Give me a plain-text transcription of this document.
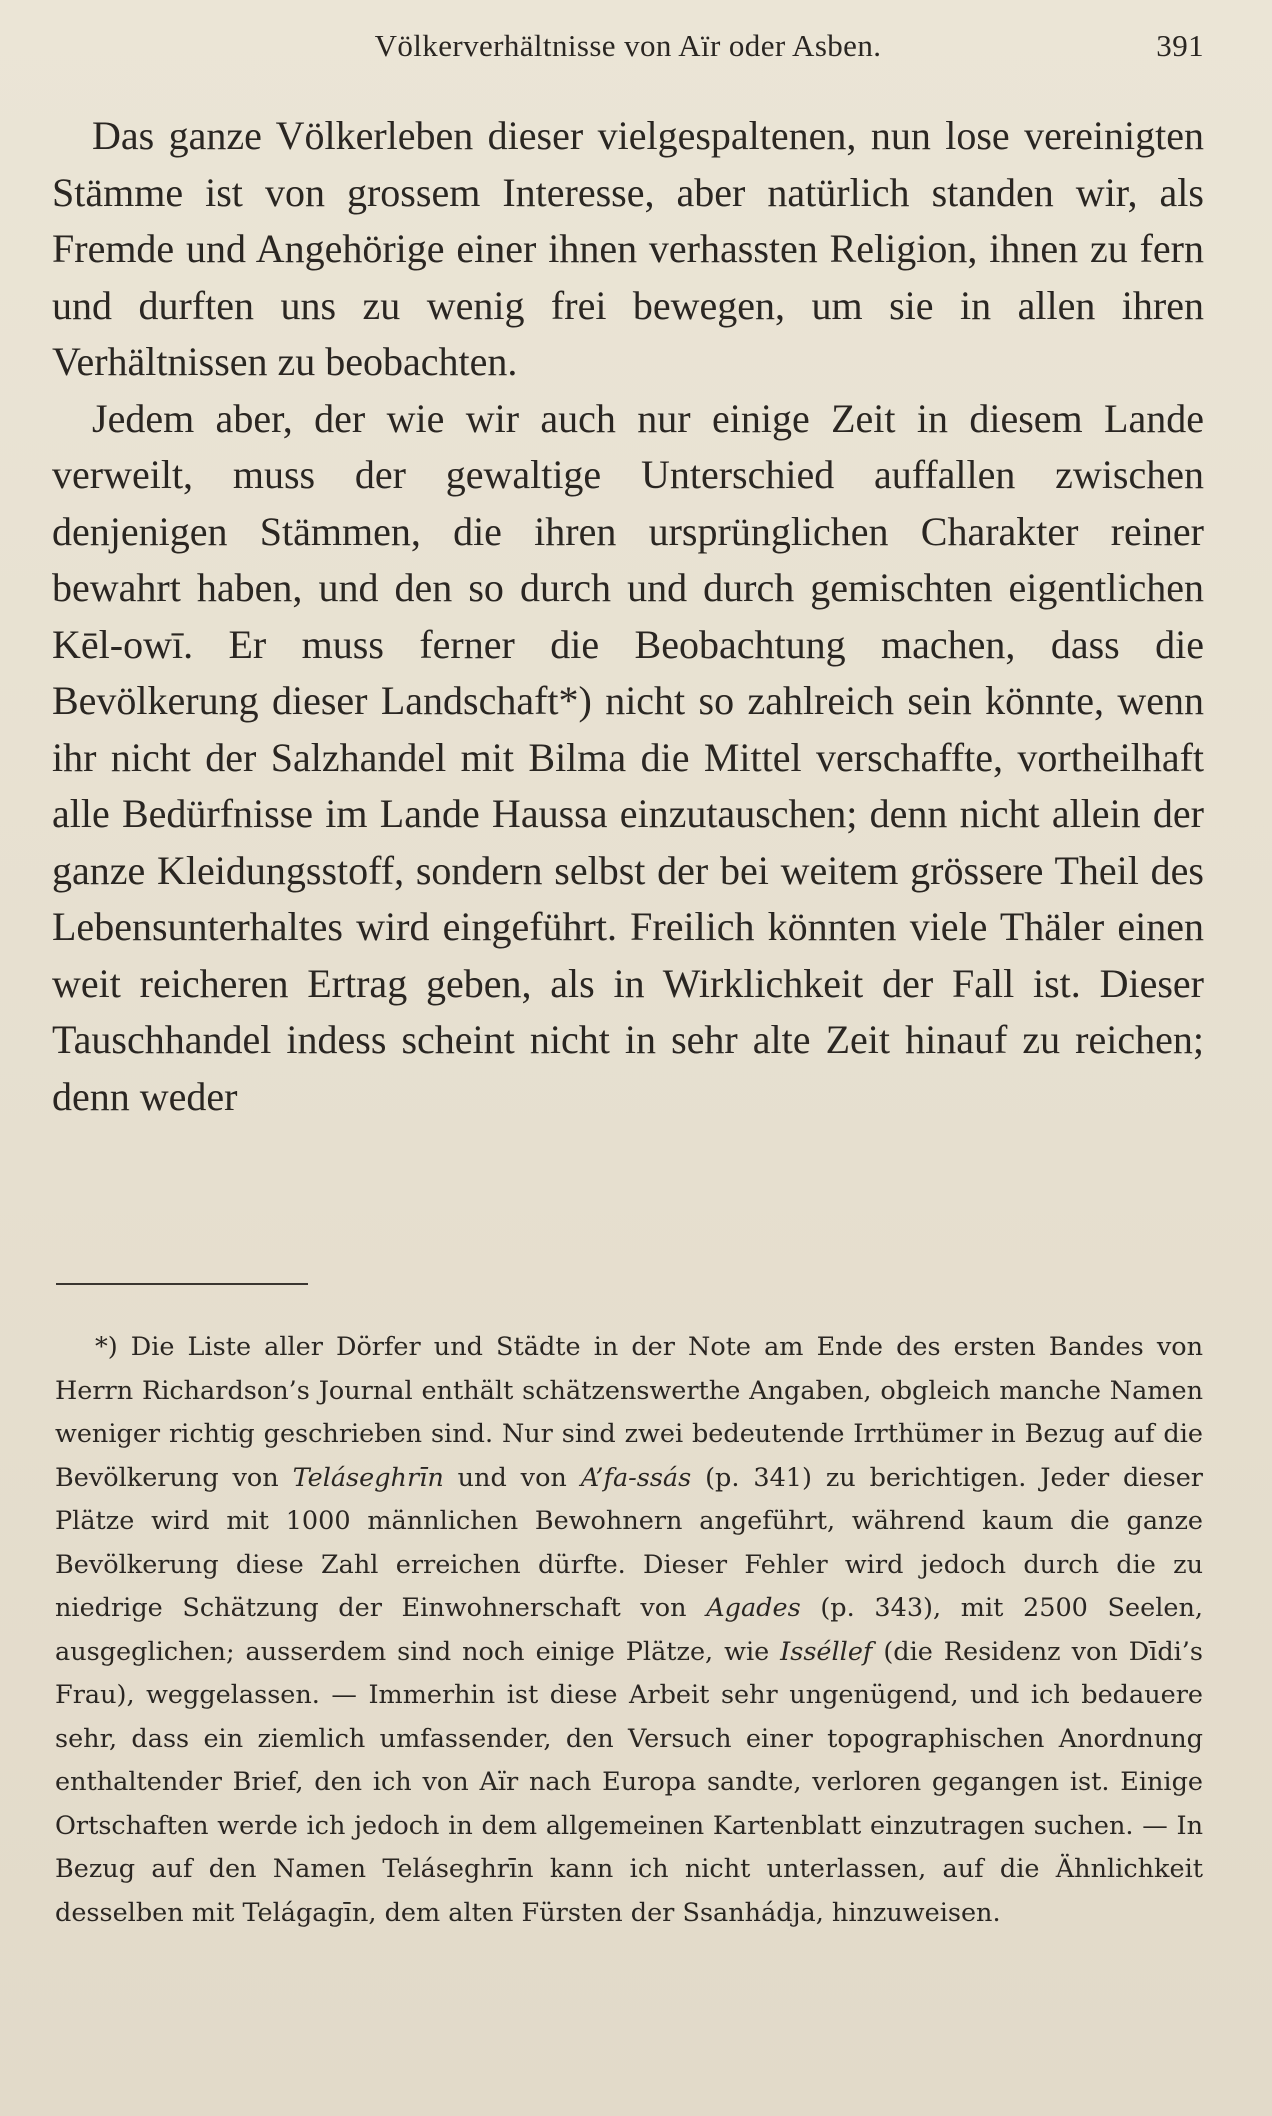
Völkerverhältnisse von Aïr oder Asben.	391

Das ganze Völkerleben dieser vielgespaltenen, nun lose vereinigten Stämme ist von grossem Interesse, aber natürlich standen wir, als Fremde und Angehörige einer ihnen verhassten Religion, ihnen zu fern und durften uns zu wenig frei bewegen, um sie in allen ihren Verhältnissen zu beobachten.

Jedem aber, der wie wir auch nur einige Zeit in diesem Lande verweilt, muss der gewaltige Unterschied auffallen zwischen denjenigen Stämmen, die ihren ursprünglichen Charakter reiner bewahrt haben, und den so durch und durch gemischten eigentlichen Kēl-owī. Er muss ferner die Beobachtung machen, dass die Bevölkerung dieser Landschaft*) nicht so zahlreich sein könnte, wenn ihr nicht der Salzhandel mit Bilma die Mittel verschaffte, vortheilhaft alle Bedürfnisse im Lande Haussa einzutauschen; denn nicht allein der ganze Kleidungsstoff, sondern selbst der bei weitem grössere Theil des Lebensunterhaltes wird eingeführt. Freilich könnten viele Thäler einen weit reicheren Ertrag geben, als in Wirklichkeit der Fall ist. Dieser Tauschhandel indess scheint nicht in sehr alte Zeit hinauf zu reichen; denn weder

*) Die Liste aller Dörfer und Städte in der Note am Ende des ersten Bandes von Herrn Richardson’s Journal enthält schätzenswerthe Angaben, obgleich manche Namen weniger richtig geschrieben sind. Nur sind zwei bedeutende Irrthümer in Bezug auf die Bevölkerung von Teláseghrīn und von A’fa-ssás (p. 341) zu berichtigen. Jeder dieser Plätze wird mit 1000 männlichen Bewohnern angeführt, während kaum die ganze Bevölkerung diese Zahl erreichen dürfte. Dieser Fehler wird jedoch durch die zu niedrige Schätzung der Einwohnerschaft von Agades (p. 343), mit 2500 Seelen, ausgeglichen; ausserdem sind noch einige Plätze, wie Isséllef (die Residenz von Dīdi’s Frau), weggelassen. — Immerhin ist diese Arbeit sehr ungenügend, und ich bedauere sehr, dass ein ziemlich umfassender, den Versuch einer topographischen Anordnung enthaltender Brief, den ich von Aïr nach Europa sandte, verloren gegangen ist. Einige Ortschaften werde ich jedoch in dem allgemeinen Kartenblatt einzutragen suchen. — In Bezug auf den Namen Teláseghrīn kann ich nicht unterlassen, auf die Ähnlichkeit desselben mit Telágagīn, dem alten Fürsten der Ssanhádja, hinzuweisen.
